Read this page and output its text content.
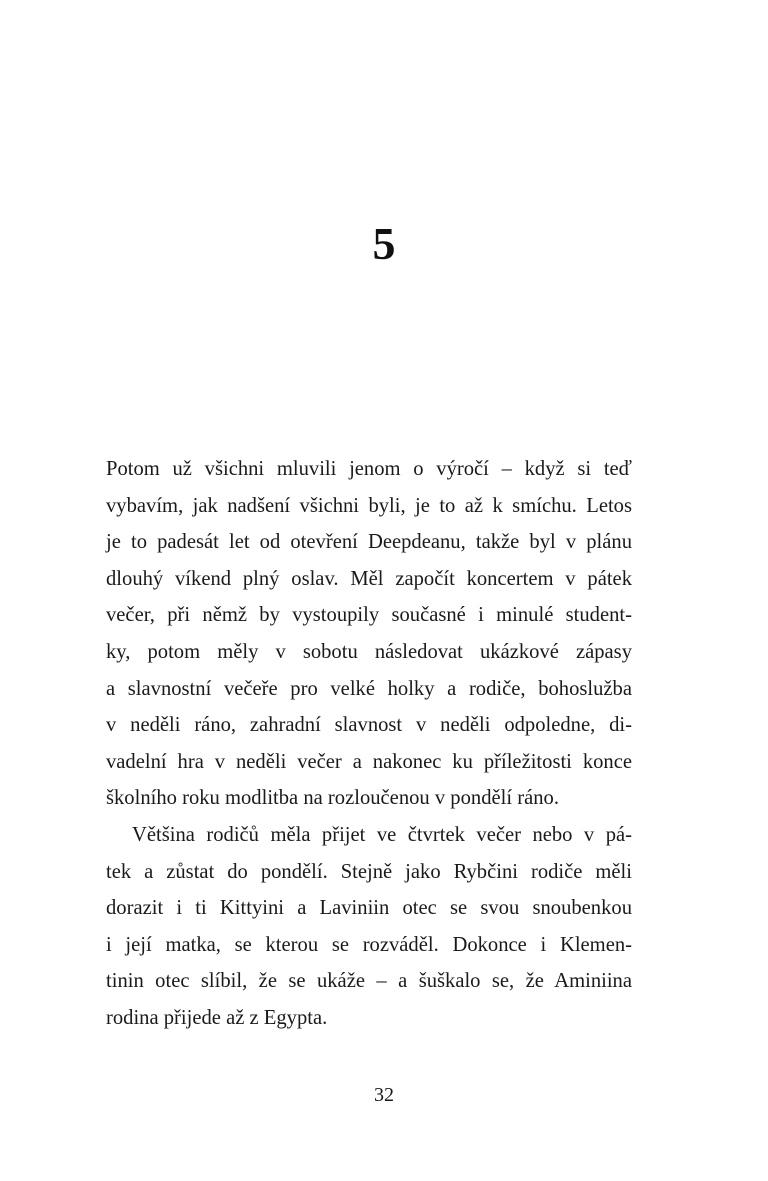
5
Potom už všichni mluvili jenom o výročí – když si teď
vybavím, jak nadšení všichni byli, je to až k smíchu. Letos
je to padesát let od otevření Deepdeanu, takže byl v plánu
dlouhý víkend plný oslav. Měl započít koncertem v pátek
večer, při němž by vystoupily současné i minulé student-
ky, potom měly v sobotu následovat ukázkové zápasy
a slavnostní večeře pro velké holky a rodiče, bohoslužba
v neděli ráno, zahradní slavnost v neděli odpoledne, di-
vadelní hra v neděli večer a nakonec ku příležitosti konce
školního roku modlitba na rozloučenou v pondělí ráno.
Většina rodičů měla přijet ve čtvrtek večer nebo v pá-
tek a zůstat do pondělí. Stejně jako Rybčini rodiče měli
dorazit i ti Kittyini a Laviniin otec se svou snoubenkou
i její matka, se kterou se rozváděl. Dokonce i Klemen-
tinin otec slíbil, že se ukáže – a šuškalo se, že Aminiina
rodina přijede až z Egypta.
32
